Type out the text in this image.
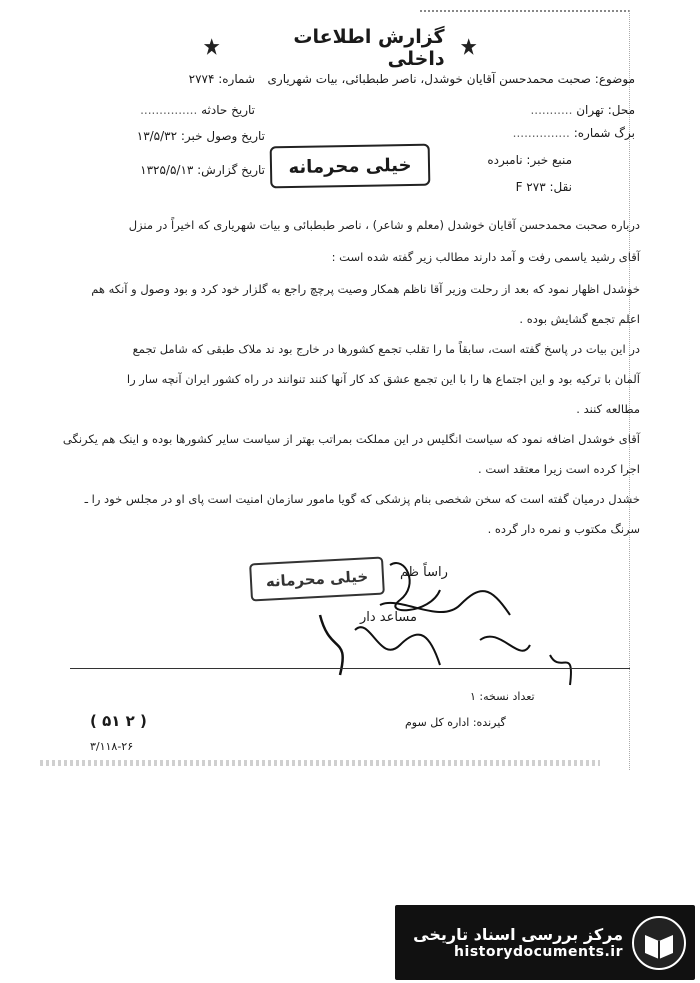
گزارش اطلاعات داخلی
موضوع: صحبت محمدحسن آقایان خوشدل، ناصر طبطبائی، بیات شهریاری
شماره: ۲۷۷۴
محل: تهران ...........
تاریخ حادثه ...............
برگ شماره: ...............
تاریخ وصول خبر: ۱۳/۵/۳۲
منبع خبر: نامبرده
خیلی محرمانه
تاریخ گزارش: ۱۳۲۵/۵/۱۳
نقل: ۲۷۳ F
درباره صحبت محمدحسن آقایان خوشدل (معلم و شاعر) ، ناصر طبطبائی و بیات شهریاری که اخیراً در منزل
آقای رشید یاسمی رفت و آمد دارند مطالب زیر گفته شده است :
خوشدل اظهار نمود که بعد از رحلت وزیر آقا ناظم همکار وصیت پرچچ راجع به گلزار خود کرد و بود وصول و آنکه هم
اعلم تجمع گشایش بوده .
در این بیات در پاسخ گفته است، سابقاً ما را تقلب تجمع کشورها در خارج بود ند ملاک طبقی که شامل تجمع
آلمان با ترکیه بود و این اجتماع ها را با این تجمع عشق کد کار آنها کنند تنوانند در راه کشور ایران آنچه سار را
مطالعه کنند .
آقای خوشدل اضافه نمود که سیاست انگلیس در این مملکت بمراتب بهتر از سیاست سایر کشورها بوده و اینک هم یکرنگی
اجرا کرده است زیرا معتقد است .
خشدل درمیان گفته است که سخن شخصی بنام پزشکی که گویا مامور سازمان امنیت است پای او در مجلس خود را ـ
سرنگ مکتوب و نمره دار گرده .
خیلی محرمانه راساً ظم
مساعد دار
تعداد نسخه: ۱
گیرنده: اداره کل سوم
( ۲ ۵۱ )
۳/۱۱۸-۲۶
مرکز بررسی اسناد تاریخی
historydocuments.ir
